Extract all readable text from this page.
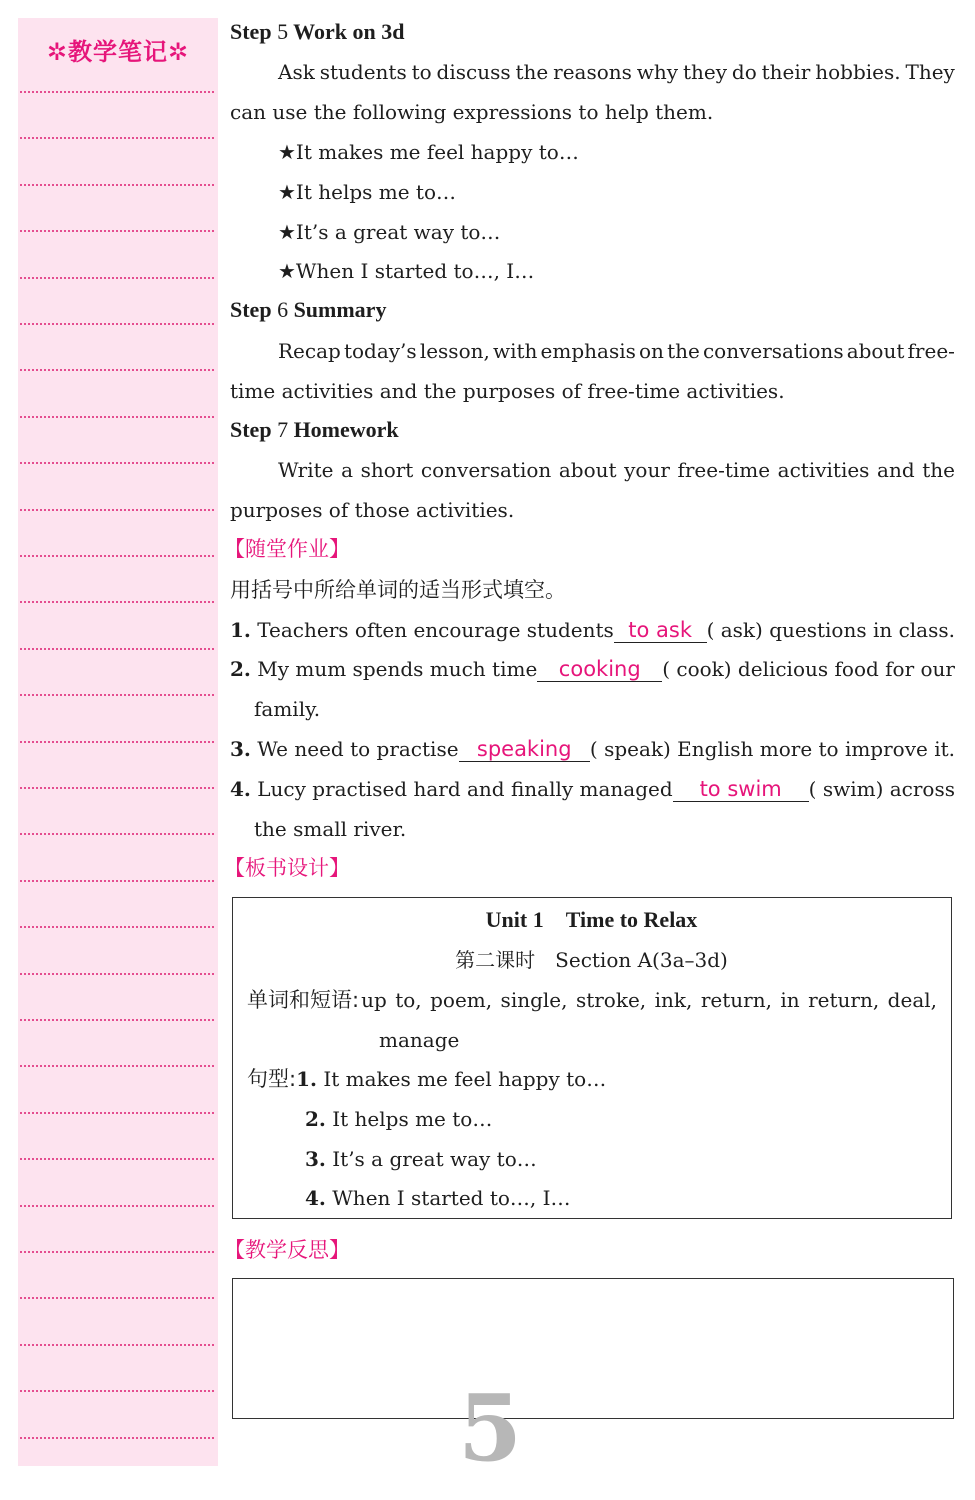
✲教学笔记✲
Step 5 Work on 3d
Ask students to discuss the reasons why they do their hobbies. They
can use the following expressions to help them.
★It makes me feel happy to…
★It helps me to…
★It’s a great way to…
★When I started to…, I…
Step 6 Summary
Recap today’s lesson, with emphasis on the conversations about free-
time activities and the purposes of free-time activities.
Step 7 Homework
Write a short conversation about your free-time activities and the
purposes of those activities.
【随堂作业】
用括号中所给单词的适当形式填空。
1. Teachers often encourage students to ask ( ask) questions in class.
2. My mum spends much time	cooking	( cook) delicious food for our
family.
3. We need to practise speaking ( speak) English more to improve it.
4. Lucy practised hard and finally managed	to swim	( swim) across
the small river.
【板书设计】
Unit 1 Time to Relax
第二课时　Section A(3a–3d)
单词和短语: up to, poem, single, stroke, ink, return, in return, deal,
manage
句型:1. It makes me feel happy to…
2. It helps me to…
3. It’s a great way to…
4. When I started to…, I…
【教学反思】
5
